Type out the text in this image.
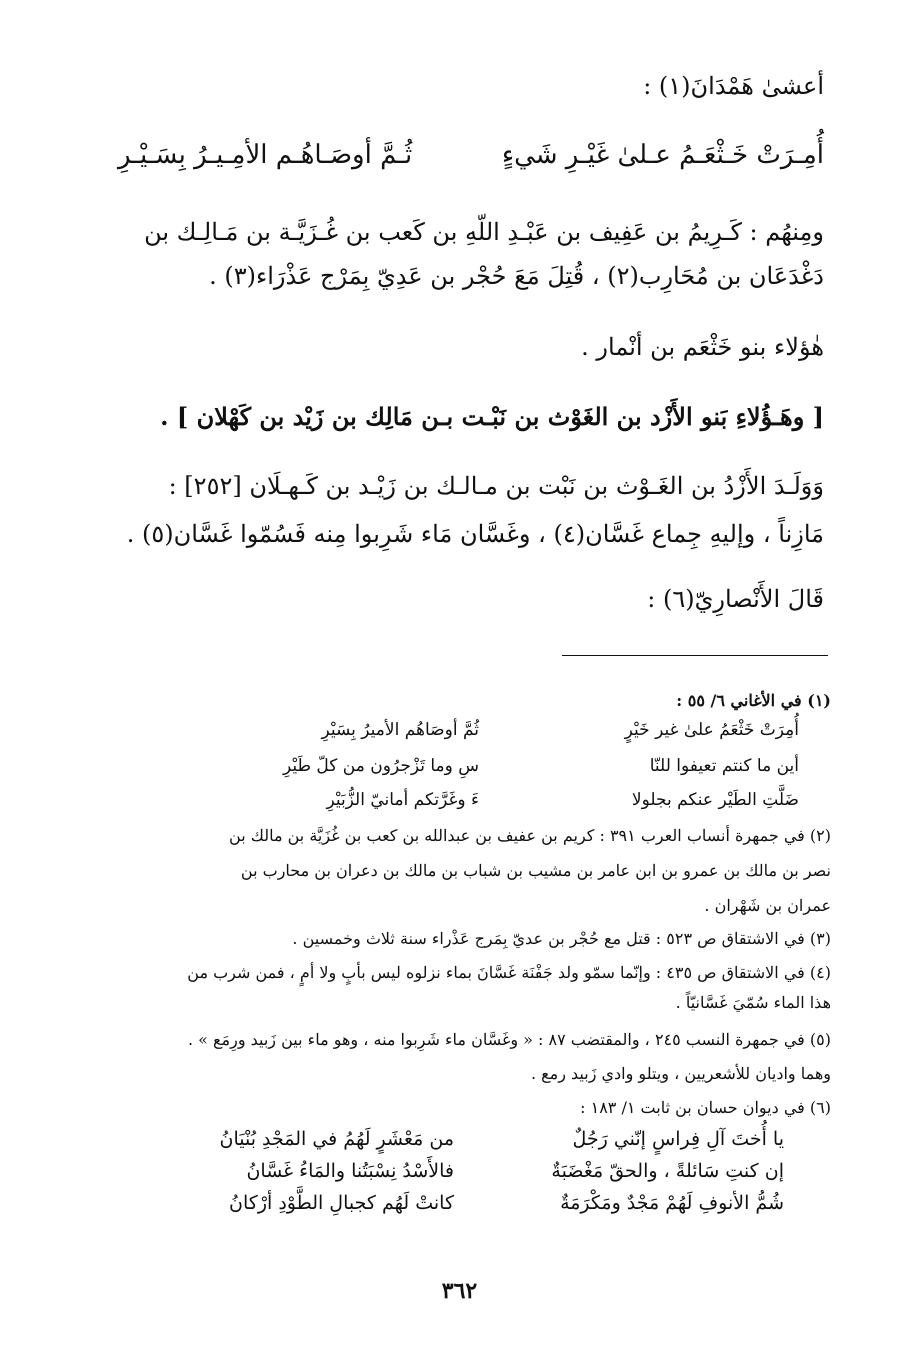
أعشىٰ هَمْدَانَ(١) :
أُمِـرَتْ خَـثْعَـمُ عـلىٰ غَيْـرِ شَيءٍ
ثُـمَّ أوصَـاهُـم الأمِـيـرُ بِسَـيْـرِ
ومِنهُم : كَـرِيمُ بن عَفِيف بن عَبْـدِ اللّهِ بن كَعب بن غُـزَيَّـة بن مَـالِـك بن
دَغْدَعَان بن مُحَارِب(٢) ، قُتِلَ مَعَ حُجْر بن عَدِيّ بِمَرْج عَذْرَاء(٣) .
هٰؤلاء بنو خَثْعَم بن أنْمار .
[ وهَـؤُلاءِ بَنو الأَزْد بن الغَوْث بن نَبْـت بـن مَالِك بن زَيْد بن كَهْلان ] .
وَوَلَـدَ الأَزْدُ بن الغَـوْث بن نَبْت بن مـالـك بن زَيْـد بن كَـهـلَان [٢٥٢] :
مَازِناً ، وإليهِ جِماع غَسَّان(٤) ، وغَسَّان مَاء شَرِبوا مِنه فَسُمّوا غَسَّان(٥) .
قَالَ الأَنْصارِيّ(٦) :
(١) في الأغاني ٦/ ٥٥ :
أُمِرَتْ خَثْعَمُ علىٰ غير خَيْرٍثُمَّ أوصَاهُم الأميرُ بِسَيْرِ
أين ما كنتم تعيفوا للنّاسِ وما تَزْجرُون من كلّ طَيْرِ
ضَلَّتِ الطَيْر عنكم بجلولاءَ وغَرَّتكم أمانيّ الزُّبَيْرِ
(٢) في جمهرة أنساب العرب ٣٩١ : كريم بن عفيف بن عبدالله بن كعب بن غُزَيَّة بن مالك بن
نصر بن مالك بن عمرو بن ابن عامر بن مشيب بن شباب بن مالك بن دعران بن محارب بن
عمران بن شَهْران .
(٣) في الاشتقاق ص ٥٢٣ : قتل مع حُجْر بن عديّ بِمَرج عَذْراء سنة ثلاث وخمسين .
(٤) في الاشتقاق ص ٤٣٥ : وإنّما سمّو ولد جَفْنَة غَسَّانَ بماء نزلوه ليس بأبٍ ولا أمٍ ، فمن شرب من
هذا الماء سُمّيَ غَسَّانيّاً .
(٥) في جمهرة النسب ٢٤٥ ، والمقتضب ٨٧ : « وغَسَّان ماء شَرِبوا منه ، وهو ماء بين زَبيد ورِمَع » .
وهما واديان للأشعريين ، ويتلو وادي زَبيد رمع .
(٦) في ديوان حسان بن ثابت ١/ ١٨٣ :
يا أُختَ آلِ فِراسٍ إنّني رَجُلٌمن مَعْشَرٍ لَهُمُ في المَجْدِ بُنْيَانُ
إن كنتِ سَائلةً ، والحقّ مَغْضَبَةٌفالأَسْدُ نِسْبَتُنا والمَاءُ غَسَّانُ
شُمُّ الأنوفِ لَهُمْ مَجْدٌ ومَكْرَمَةٌكانتْ لَهُم كجبالِ الطَّوْدِ أرْكانُ
٣٦٢
